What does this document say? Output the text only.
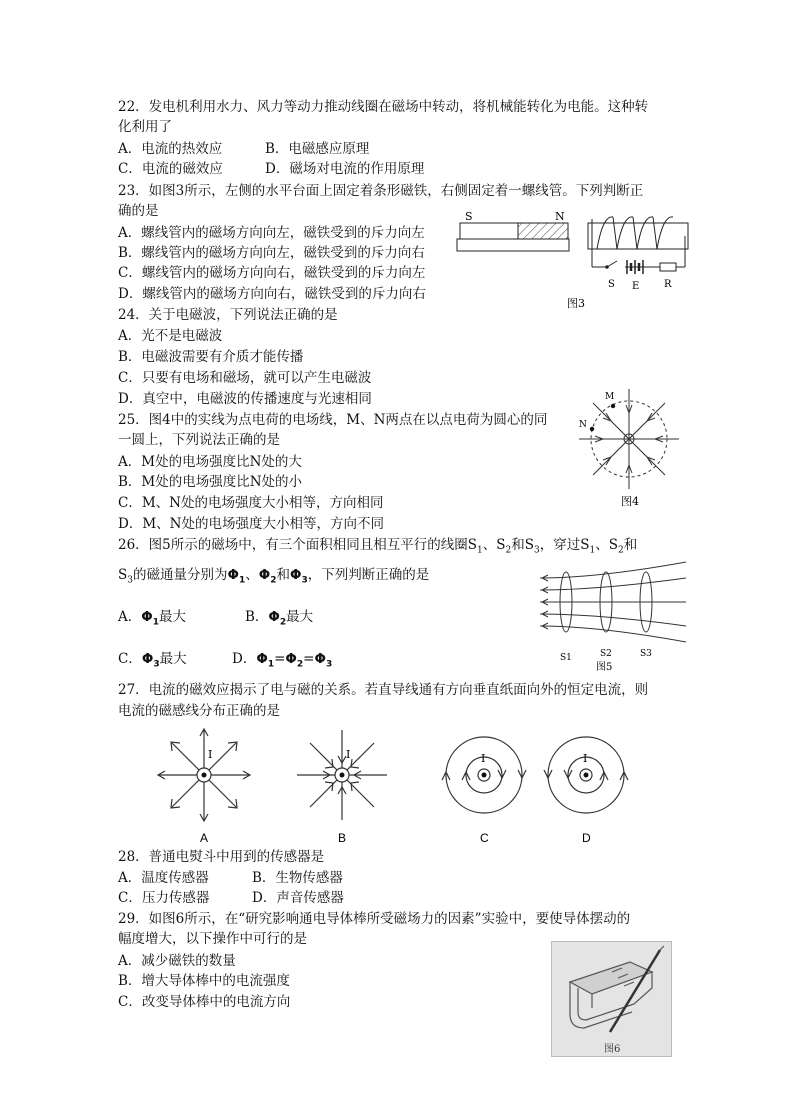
22．发电机利用水力、风力等动力推动线圈在磁场中转动，将机械能转化为电能。这种转
化利用了
A．电流的热效应	B．电磁感应原理
C．电流的磁效应	D．磁场对电流的作用原理
23．如图3所示，左侧的水平台面上固定着条形磁铁，右侧固定着一螺线管。下列判断正
确的是
A．螺线管内的磁场方向向左，磁铁受到的斥力向左
B．螺线管内的磁场方向向左，磁铁受到的斥力向右
C．螺线管内的磁场方向向右，磁铁受到的斥力向左
D．螺线管内的磁场方向向右，磁铁受到的斥力向右
S	N
S E R
图3
24．关于电磁波，下列说法正确的是
A．光不是电磁波
B．电磁波需要有介质才能传播
C．只要有电场和磁场，就可以产生电磁波
D．真空中，电磁波的传播速度与光速相同
25．图4中的实线为点电荷的电场线，M、N两点在以点电荷为圆心的同
一圆上，下列说法正确的是
A．M处的电场强度比N处的大
B．M处的电场强度比N处的小
C．M、N处的电场强度大小相等，方向相同
D．M、N处的电场强度大小相等，方向不同
M
N
图4
26．图5所示的磁场中，有三个面积相同且相互平行的线圈$S_1$、$S_2$和$S_3$，穿过$S_1$、$S_2$和
$S_3$的磁通量分别为$\Phi_1$、$\Phi_2$和$\Phi_3$，下列判断正确的是
A．$\Phi_1$最大	B．$\Phi_2$最大
C．$\Phi_3$最大	D．$\Phi_1=\Phi_2=\Phi_3$
S1	S2	S3
图5
27．电流的磁效应揭示了电与磁的关系。若直导线通有方向垂直纸面向外的恒定电流，则
电流的磁感线分布正确的是
I
A
I
B
I
C
I
D
28．普通电熨斗中用到的传感器是
A．温度传感器	B．生物传感器
C．压力传感器	D．声音传感器
29．如图6所示，在“研究影响通电导体棒所受磁场力的因素”实验中，要使导体摆动的
幅度增大，以下操作中可行的是
A．减少磁铁的数量
B．增大导体棒中的电流强度
C．改变导体棒中的电流方向
图6
